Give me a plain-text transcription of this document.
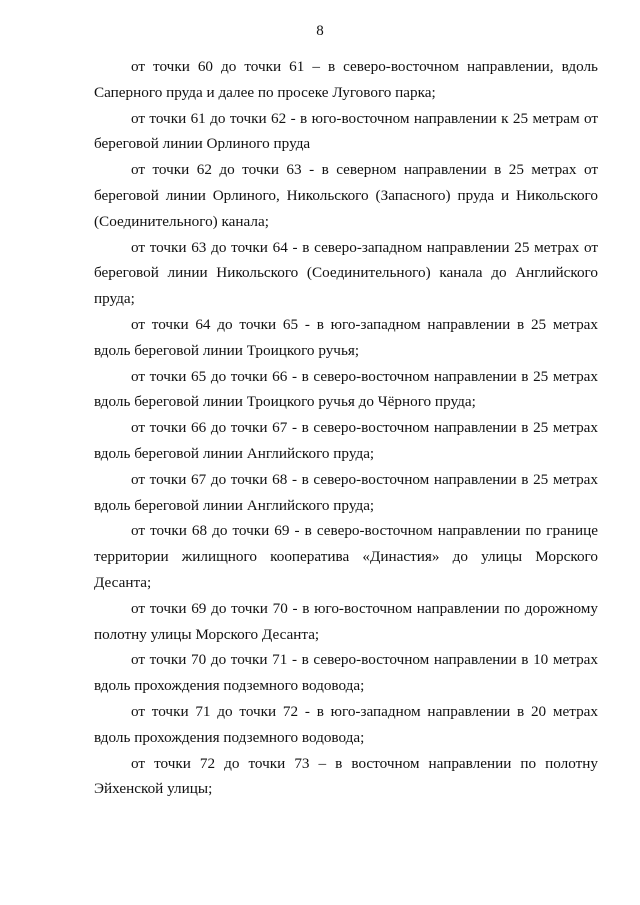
8

от точки 60 до точки 61 – в северо-восточном направлении, вдоль
Саперного пруда и далее по просеке Лугового парка;

от точки 61 до точки 62 - в юго-восточном направлении к 25 метрам от
береговой линии Орлиного пруда

от точки 62 до точки 63 - в северном направлении в 25 метрах от
береговой линии Орлиного, Никольского (Запасного) пруда и Никольского (Соединительного) канала;

от точки 63 до точки 64 - в северо-западном направлении 25 метрах от
береговой линии Никольского (Соединительного) канала до Английского пруда;

от точки 64 до точки 65 - в юго-западном направлении в 25 метрах
вдоль береговой линии Троицкого ручья;

от точки 65 до точки 66 - в северо-восточном направлении в 25 метрах
вдоль береговой линии Троицкого ручья до Чёрного пруда;

от точки 66 до точки 67 - в северо-восточном направлении в 25 метрах
вдоль береговой линии Английского пруда;

от точки 67 до точки 68 - в северо-восточном направлении в 25 метрах
вдоль береговой линии Английского пруда;

от точки 68 до точки 69 - в северо-восточном направлении по границе
территории жилищного кооператива «Династия» до улицы Морского Десанта;

от точки 69 до точки 70 - в юго-восточном направлении по дорожному
полотну улицы Морского Десанта;

от точки 70 до точки 71 - в северо-восточном направлении в 10 метрах
вдоль прохождения подземного водовода;

от точки 71 до точки 72 - в юго-западном направлении в 20 метрах
вдоль прохождения подземного водовода;

от точки 72 до точки 73 – в восточном направлении по полотну
Эйхенской улицы;
